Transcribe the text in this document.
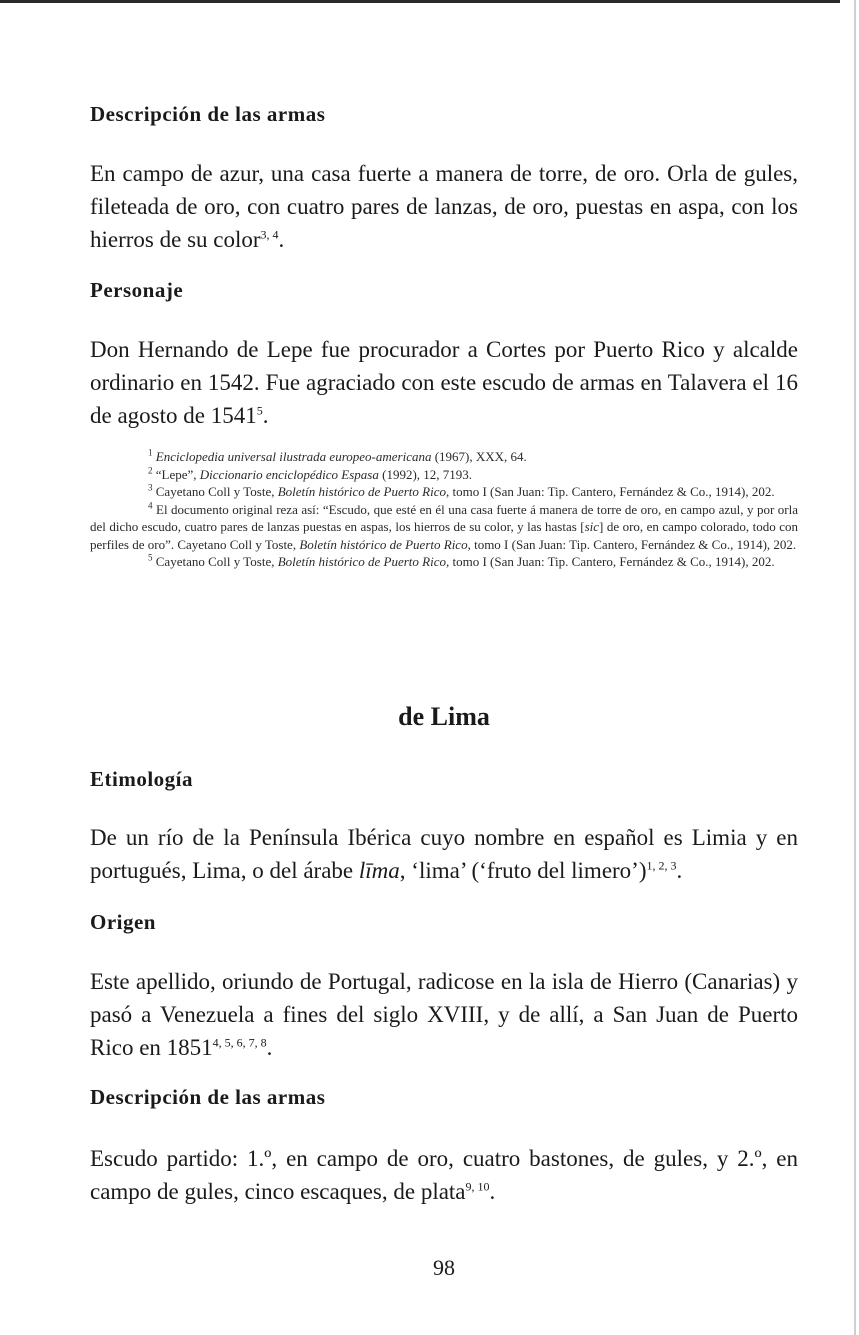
Descripción de las armas

En campo de azur, una casa fuerte a manera de torre, de oro. Orla de gules, fileteada de oro, con cuatro pares de lanzas, de oro, puestas en aspa, con los hierros de su color$^{3, 4}$.

Personaje

Don Hernando de Lepe fue procurador a Cortes por Puerto Rico y alcalde ordinario en 1542. Fue agraciado con este escudo de armas en Talavera el 16 de agosto de 1541$^5$.

$^1$ Enciclopedia universal ilustrada europeo-americana (1967), XXX, 64.

$^2$ “Lepe”, Diccionario enciclopédico Espasa (1992), 12, 7193.

$^3$ Cayetano Coll y Toste, Boletín histórico de Puerto Rico, tomo I (San Juan: Tip. Cantero, Fernández & Co., 1914), 202.

$^4$ El documento original reza así: “Escudo, que esté en él una casa fuerte á manera de torre de oro, en campo azul, y por orla del dicho escudo, cuatro pares de lanzas puestas en aspas, los hierros de su color, y las hastas [sic] de oro, en campo colorado, todo con perfiles de oro”. Cayetano Coll y Toste, Boletín histórico de Puerto Rico, tomo I (San Juan: Tip. Cantero, Fernández & Co., 1914), 202.

$^5$ Cayetano Coll y Toste, Boletín histórico de Puerto Rico, tomo I (San Juan: Tip. Cantero, Fernández & Co., 1914), 202.

de Lima
Etimología

De un río de la Península Ibérica cuyo nombre en español es Limia y en portugués, Lima, o del árabe līma, ‘lima’ (‘fruto del limero’)$^{1, 2, 3}$.

Origen

Este apellido, oriundo de Portugal, radicose en la isla de Hierro (Canarias) y pasó a Venezuela a fines del siglo XVIII, y de allí, a San Juan de Puerto Rico en 1851$^{4, 5, 6, 7, 8}$.

Descripción de las armas

Escudo partido: 1.º, en campo de oro, cuatro bastones, de gules, y 2.º, en campo de gules, cinco escaques, de plata$^{9, 10}$.

98
